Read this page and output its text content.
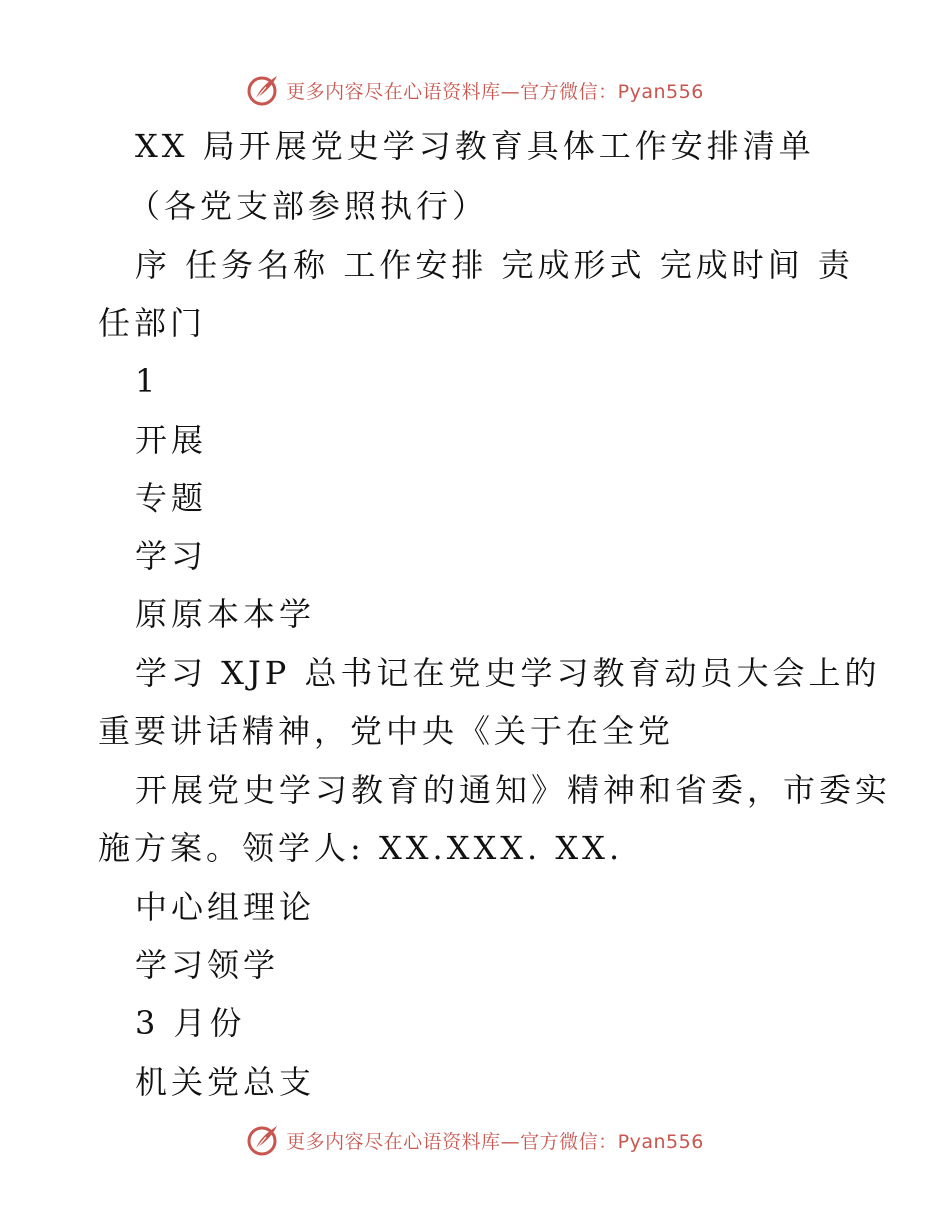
更多内容尽在心语资料库—官方微信：Pyan556
XX 局开展党史学习教育具体工作安排清单
（各党支部参照执行）
序 任务名称 工作安排 完成形式 完成时间 责
任部门
1
开展
专题
学习
原原本本学
学习 XJP 总书记在党史学习教育动员大会上的
重要讲话精神，党中央《关于在全党
开展党史学习教育的通知》精神和省委，市委实
施方案。领学人: XX.XXX. XX.
中心组理论
学习领学
3 月份
机关党总支
更多内容尽在心语资料库—官方微信：Pyan556
